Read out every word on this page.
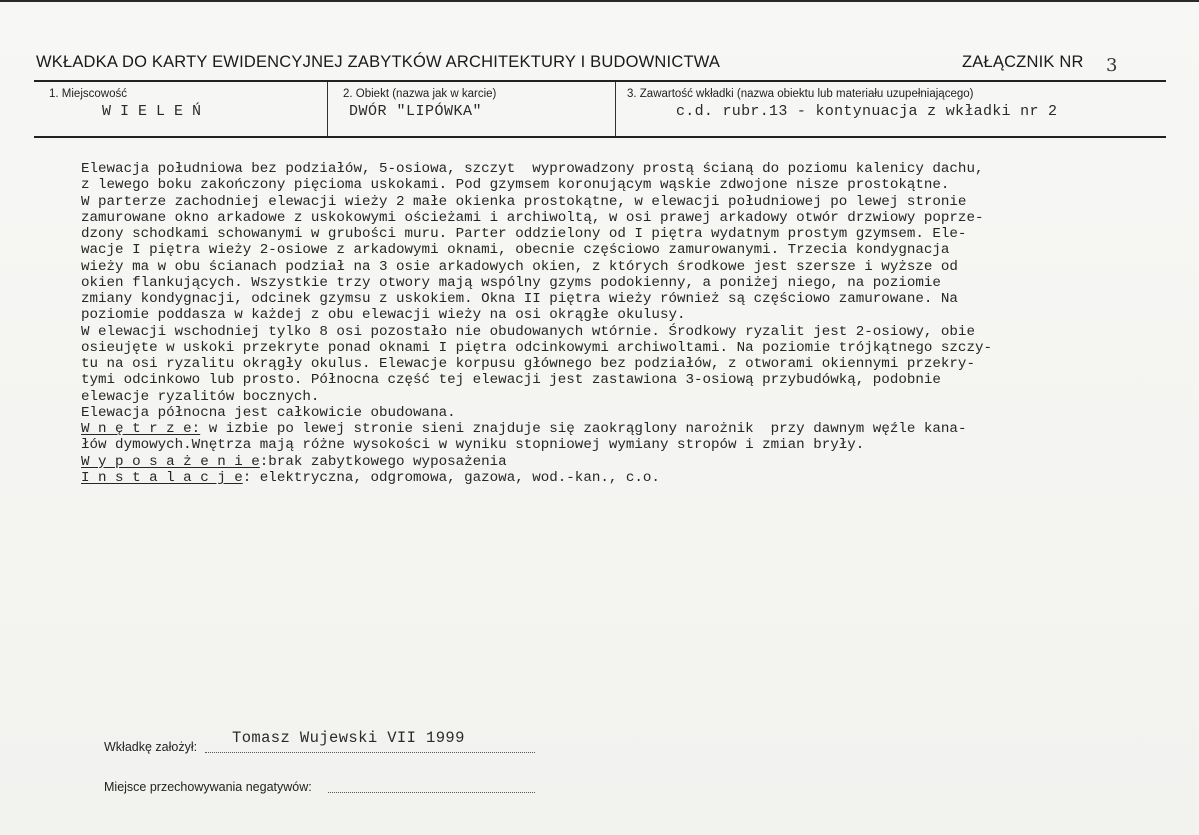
WKŁADKA DO KARTY EWIDENCYJNEJ ZABYTKÓW ARCHITEKTURY I BUDOWNICTWA	ZAŁĄCZNIK NR 3
1. Miejscowość
WIELEŃ
2. Obiekt (nazwa jak w karcie)
DWÓR "LIPÓWKA"
3. Zawartość wkładki (nazwa obiektu lub materiału uzupełniającego)
c.d. rubr.13 - kontynuacja z wkładki nr 2
Elewacja południowa bez podziałów, 5-osiowa, szczyt  wyprowadzony prostą ścianą do poziomu kalenicy dachu,
z lewego boku zakończony pięcioma uskokami. Pod gzymsem koronującym wąskie zdwojone nisze prostokątne.
W parterze zachodniej elewacji wieży 2 małe okienka prostokątne, w elewacji południowej po lewej stronie
zamurowane okno arkadowe z uskokowymi ościeżami i archiwoltą, w osi prawej arkadowy otwór drzwiowy poprze-
dzony schodkami schowanymi w grubości muru. Parter oddzielony od I piętra wydatnym prostym gzymsem. Ele-
wacje I piętra wieży 2-osiowe z arkadowymi oknami, obecnie częściowo zamurowanymi. Trzecia kondygnacja
wieży ma w obu ścianach podział na 3 osie arkadowych okien, z których środkowe jest szersze i wyższe od
okien flankujących. Wszystkie trzy otwory mają wspólny gzyms podokienny, a poniżej niego, na poziomie
zmiany kondygnacji, odcinek gzymsu z uskokiem. Okna II piętra wieży również są częściowo zamurowane. Na
poziomie poddasza w każdej z obu elewacji wieży na osi okrągłe okulusy.
W elewacji wschodniej tylko 8 osi pozostało nie obudowanych wtórnie. Środkowy ryzalit jest 2-osiowy, obie
osieujęte w uskoki przekryte ponad oknami I piętra odcinkowymi archiwoltami. Na poziomie trójkątnego szczy-
tu na osi ryzalitu okrągły okulus. Elewacje korpusu głównego bez podziałów, z otworami okiennymi przekry-
tymi odcinkowo lub prosto. Północna część tej elewacji jest zastawiona 3-osiową przybudówką, podobnie
elewacje ryzalitów bocznych.
Elewacja północna jest całkowicie obudowana.
W n ę t r z e: w izbie po lewej stronie sieni znajduje się zaokrąglony narożnik  przy dawnym węźle kana-
łów dymowych.Wnętrza mają różne wysokości w wyniku stopniowej wymiany stropów i zmian bryły.
W y p o s a ż e n i e:brak zabytkowego wyposażenia
I n s t a l a c j e: elektryczna, odgromowa, gazowa, wod.-kan., c.o.
Wkładkę założył: Tomasz Wujewski VII 1999
Miejsce przechowywania negatywów:
